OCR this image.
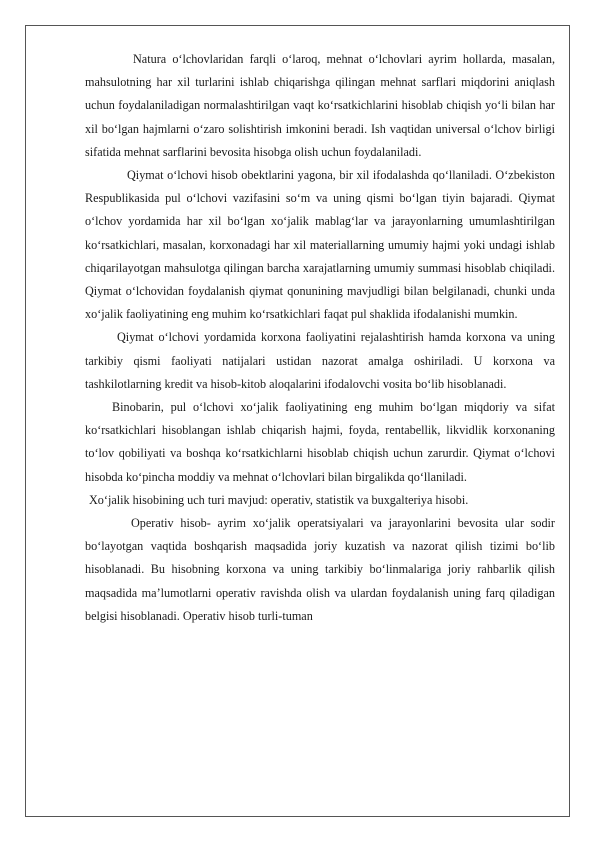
Natura o‘lchovlaridan farqli o‘laroq, mehnat o‘lchovlari ayrim hollarda, masalan, mahsulotning har xil turlarini ishlab chiqarishga qilingan mehnat sarflari miqdorini aniqlash uchun foydalaniladigan normalashtirilgan vaqt ko‘rsatkichlarini hisoblab chiqish yo‘li bilan har xil bo‘lgan hajmlarni o‘zaro solishtirish imkonini beradi. Ish vaqtidan universal o‘lchov birligi sifatida mehnat sarflarini bevosita hisobga olish uchun foydalaniladi.

Qiymat o‘lchovi hisob obektlarini yagona, bir xil ifodalashda qo‘llaniladi. O‘zbekiston Respublikasida pul o‘lchovi vazifasini so‘m va uning qismi bo‘lgan tiyin bajaradi. Qiymat o‘lchov yordamida har xil bo‘lgan xo‘jalik mablag‘lar va jarayonlarning umumlashtirilgan ko‘rsatkichlari, masalan, korxonadagi har xil materiallarning umumiy hajmi yoki undagi ishlab chiqarilayotgan mahsulotga qilingan barcha xarajatlarning umumiy summasi hisoblab chiqiladi. Qiymat o‘lchovidan foydalanish qiymat qonunining mavjudligi bilan belgilanadi, chunki unda xo‘jalik faoliyatining eng muhim ko‘rsatkichlari faqat pul shaklida ifodalanishi mumkin.

Qiymat o‘lchovi yordamida korxona faoliyatini rejalashtirish hamda korxona va uning tarkibiy qismi faoliyati natijalari ustidan nazorat amalga oshiriladi. U korxona va tashkilotlarning kredit va hisob-kitob aloqalarini ifodalovchi vosita bo‘lib hisoblanadi.

Binobarin, pul o‘lchovi xo‘jalik faoliyatining eng muhim bo‘lgan miqdoriy va sifat ko‘rsatkichlari hisoblangan ishlab chiqarish hajmi, foyda, rentabellik, likvidlik korxonaning to‘lov qobiliyati va boshqa ko‘rsatkichlarni hisoblab chiqish uchun zarurdir. Qiymat o‘lchovi hisobda ko‘pincha moddiy va mehnat o‘lchovlari bilan birgalikda qo‘llaniladi.

Xo‘jalik hisobining uch turi mavjud: operativ, statistik va buxgalteriya hisobi.

Operativ hisob- ayrim xo‘jalik operatsiyalari va jarayonlarini bevosita ular sodir bo‘layotgan vaqtida boshqarish maqsadida joriy kuzatish va nazorat qilish tizimi bo‘lib hisoblanadi. Bu hisobning korxona va uning tarkibiy bo‘linmalariga joriy rahbarlik qilish maqsadida ma’lumotlarni operativ ravishda olish va ulardan foydalanish uning farq qiladigan belgisi hisoblanadi. Operativ hisob turli-tuman
